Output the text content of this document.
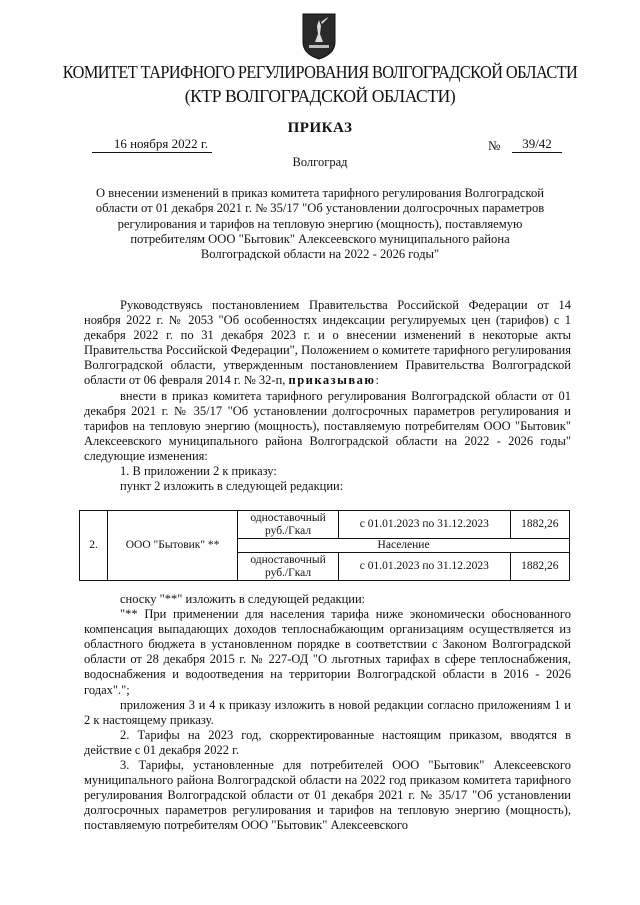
КОМИТЕТ ТАРИФНОГО РЕГУЛИРОВАНИЯ ВОЛГОГРАДСКОЙ ОБЛАСТИ
(КТР ВОЛГОГРАДСКОЙ ОБЛАСТИ)
ПРИКАЗ
16 ноября 2022 г.	№	39/42
Волгоград
О внесении изменений в приказ комитета тарифного регулирования Волгоградской
области от 01 декабря 2021 г. № 35/17 "Об установлении долгосрочных параметров
регулирования и тарифов на тепловую энергию (мощность), поставляемую
потребителям ООО "Бытовик" Алексеевского муниципального района
Волгоградской области на 2022 - 2026 годы"

Руководствуясь постановлением Правительства Российской Федерации от 14 ноября 2022 г. № 2053 "Об особенностях индексации регулируемых цен (тарифов) с 1 декабря 2022 г. по 31 декабря 2023 г. и о внесении изменений в некоторые акты Правительства Российской Федерации", Положением о комитете тарифного регулирования Волгоградской области, утвержденным постановлением Правительства Волгоградской области от 06 февраля 2014 г. № 32-п, приказываю:

внести в приказ комитета тарифного регулирования Волгоградской области от 01 декабря 2021 г. № 35/17 "Об установлении долгосрочных параметров регулирования и тарифов на тепловую энергию (мощность), поставляемую потребителям ООО "Бытовик" Алексеевского муниципального района Волгоградской области на 2022 - 2026 годы" следующие изменения:

1. В приложении 2 к приказу:

пункт 2 изложить в следующей редакции:

2.	ООО "Бытовик" **	одноставочный руб./Гкал	с 01.01.2023 по 31.12.2023	1882,26
		Население		
		одноставочный руб./Гкал	с 01.01.2023 по 31.12.2023	1882,26

сноску "**" изложить в следующей редакции:

"** При применении для населения тарифа ниже экономически обоснованного компенсация выпадающих доходов теплоснабжающим организациям осуществляется из областного бюджета в установленном порядке в соответствии с Законом Волгоградской области от 28 декабря 2015 г. № 227-ОД "О льготных тарифах в сфере теплоснабжения, водоснабжения и водоотведения на территории Волгоградской области в 2016 - 2026 годах".";

приложения 3 и 4 к приказу изложить в новой редакции согласно приложениям 1 и 2 к настоящему приказу.

2. Тарифы на 2023 год, скорректированные настоящим приказом, вводятся в действие с 01 декабря 2022 г.

3. Тарифы, установленные для потребителей ООО "Бытовик" Алексеевского муниципального района Волгоградской области на 2022 год приказом комитета тарифного регулирования Волгоградской области от 01 декабря 2021 г. № 35/17 "Об установлении долгосрочных параметров регулирования и тарифов на тепловую энергию (мощность), поставляемую потребителям ООО "Бытовик" Алексеевского
